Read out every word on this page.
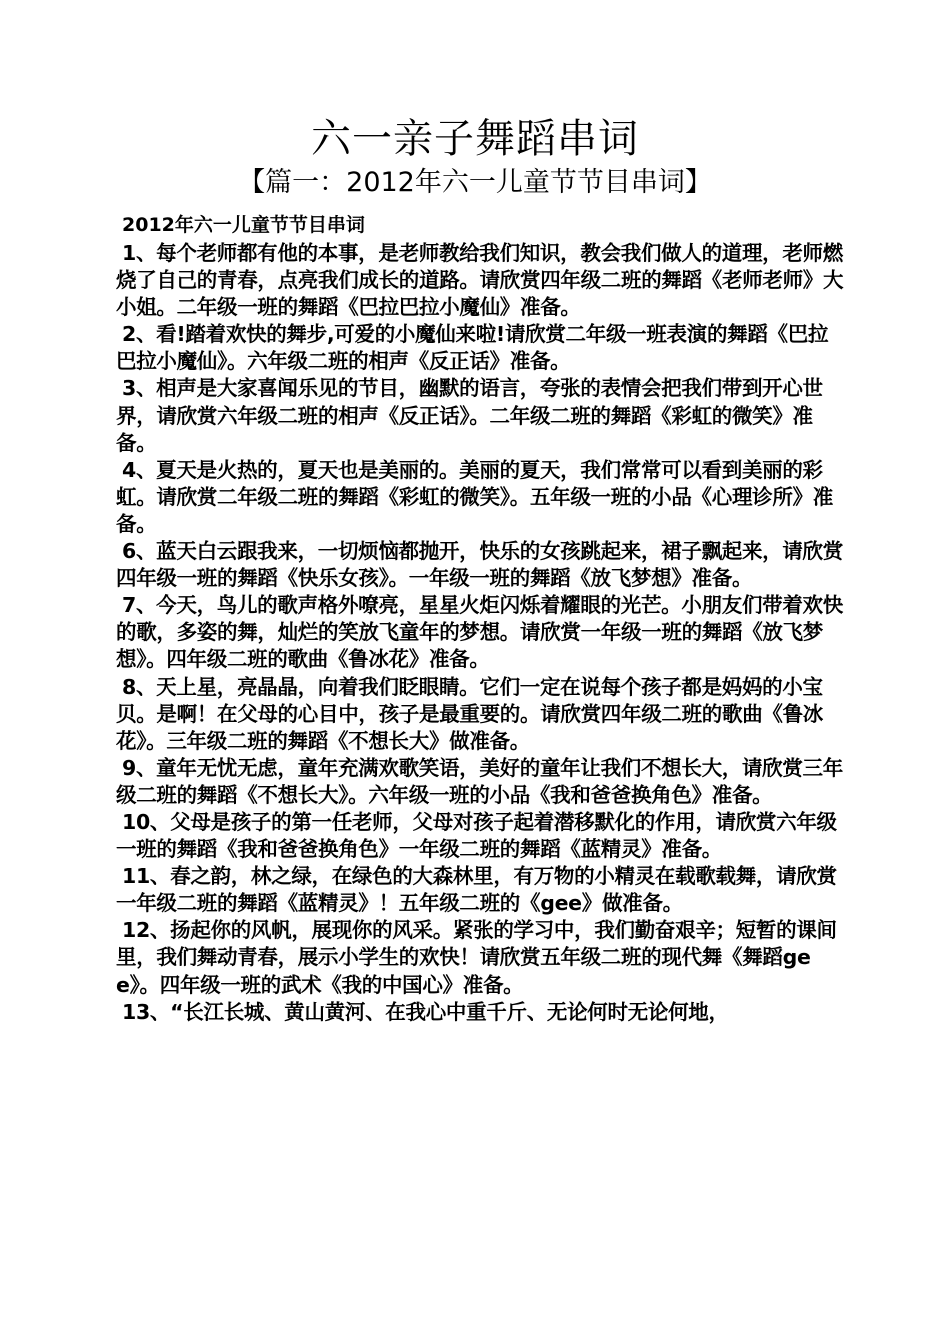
六一亲子舞蹈串词
【篇一：2012年六一儿童节节目串词】
2012年六一儿童节节目串词

1、每个老师都有他的本事，是老师教给我们知识，教会我们做人的道理，老师燃烧了自己的青春，点亮我们成长的道路。请欣赏四年级二班的舞蹈《老师老师》大小姐。二年级一班的舞蹈《巴拉巴拉小魔仙》准备。

2、看!踏着欢快的舞步,可爱的小魔仙来啦!请欣赏二年级一班表演的舞蹈《巴拉巴拉小魔仙》。六年级二班的相声《反正话》准备。

3、相声是大家喜闻乐见的节目，幽默的语言，夸张的表情会把我们带到开心世界，请欣赏六年级二班的相声《反正话》。二年级二班的舞蹈《彩虹的微笑》准备。

4、夏天是火热的，夏天也是美丽的。美丽的夏天，我们常常可以看到美丽的彩虹。请欣赏二年级二班的舞蹈《彩虹的微笑》。五年级一班的小品《心理诊所》准备。

6、蓝天白云跟我来，一切烦恼都抛开，快乐的女孩跳起来，裙子飘起来，请欣赏四年级一班的舞蹈《快乐女孩》。一年级一班的舞蹈《放飞梦想》准备。

7、今天，鸟儿的歌声格外嘹亮，星星火炬闪烁着耀眼的光芒。小朋友们带着欢快的歌，多姿的舞，灿烂的笑放飞童年的梦想。请欣赏一年级一班的舞蹈《放飞梦想》。四年级二班的歌曲《鲁冰花》准备。

8、天上星，亮晶晶，向着我们眨眼睛。它们一定在说每个孩子都是妈妈的小宝贝。是啊！在父母的心目中，孩子是最重要的。请欣赏四年级二班的歌曲《鲁冰花》。三年级二班的舞蹈《不想长大》做准备。

9、童年无忧无虑，童年充满欢歌笑语，美好的童年让我们不想长大，请欣赏三年级二班的舞蹈《不想长大》。六年级一班的小品《我和爸爸换角色》准备。

10、父母是孩子的第一任老师，父母对孩子起着潜移默化的作用，请欣赏六年级一班的舞蹈《我和爸爸换角色》一年级二班的舞蹈《蓝精灵》准备。

11、春之韵，林之绿，在绿色的大森林里，有万物的小精灵在载歌载舞，请欣赏一年级二班的舞蹈《蓝精灵》！五年级二班的《gee》做准备。

12、扬起你的风帆，展现你的风采。紧张的学习中，我们勤奋艰辛；短暂的课间里，我们舞动青春，展示小学生的欢快！请欣赏五年级二班的现代舞《舞蹈gee》。四年级一班的武术《我的中国心》准备。

13、“长江长城、黄山黄河、在我心中重千斤、无论何时无论何地，
